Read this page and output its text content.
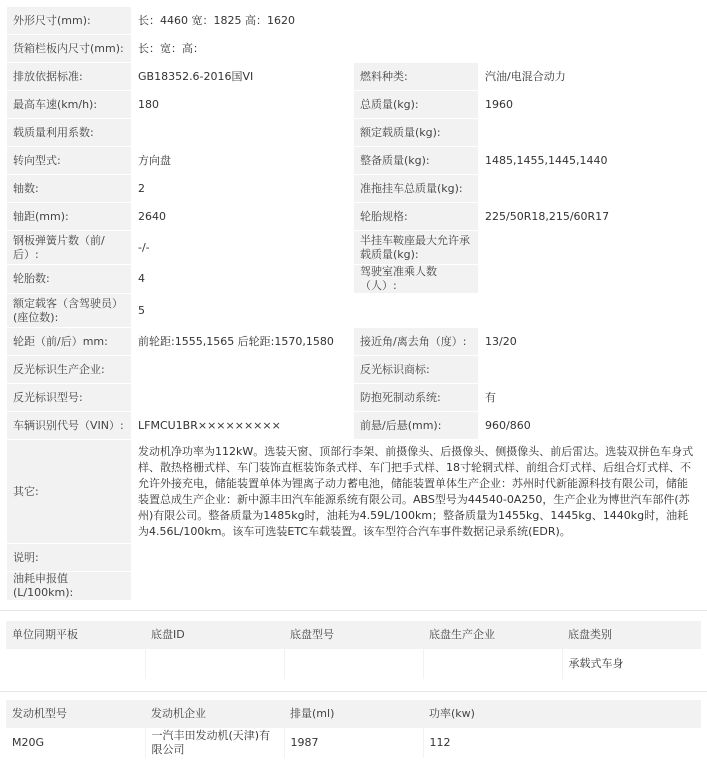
外形尺寸(mm):	长：4460 宽：1825 高：1620		
货箱栏板内尺寸(mm):	长：宽：高：		
排放依据标准:	GB18352.6-2016国VI	燃料种类:	汽油/电混合动力
最高车速(km/h):	180	总质量(kg):	1960
载质量利用系数:		额定载质量(kg):	
转向型式:	方向盘	整备质量(kg):	1485,1455,1445,1440
轴数:	2	准拖挂车总质量(kg):	
轴距(mm):	2640	轮胎规格:	225/50R18,215/60R17
钢板弹簧片数（前/后）:	-/-	半挂车鞍座最大允许承载质量(kg):	
轮胎数:	4	驾驶室准乘人数（人）:	
额定载客（含驾驶员）(座位数):	5		
轮距（前/后）mm:	前轮距:1555,1565 后轮距:1570,1580	接近角/离去角（度）:	13/20
反光标识生产企业:		反光标识商标:	
反光标识型号:		防抱死制动系统:	有
车辆识别代号（VIN）:	LFMCU1BR×××××××××	前悬/后悬(mm):	960/860
其它:	发动机净功率为112kW。选装天窗、顶部行李架、前摄像头、后摄像头、侧摄像头、前后雷达。选装双拼色车身式样、散热格栅式样、车门装饰直框装饰条式样、车门把手式样、18寸轮辋式样、前组合灯式样、后组合灯式样、不允许外接充电，储能装置单体为锂离子动力蓄电池，储能装置单体生产企业：苏州时代新能源科技有限公司，储能装置总成生产企业：新中源丰田汽车能源系统有限公司。ABS型号为44540-0A250，生产企业为博世汽车部件(苏州)有限公司。整备质量为1485kg时，油耗为4.59L/100km；整备质量为1455kg、1445kg、1440kg时，油耗为4.56L/100km。该车可选装ETC车载装置。该车型符合汽车事件数据记录系统(EDR)。		
说明:			
油耗申报值(L/100km):			
单位同期平板	底盘ID	底盘型号	底盘生产企业	底盘类别
				承载式车身
发动机型号	发动机企业	排量(ml)	功率(kw)
M20G	一汽丰田发动机(天津)有限公司	1987	112
